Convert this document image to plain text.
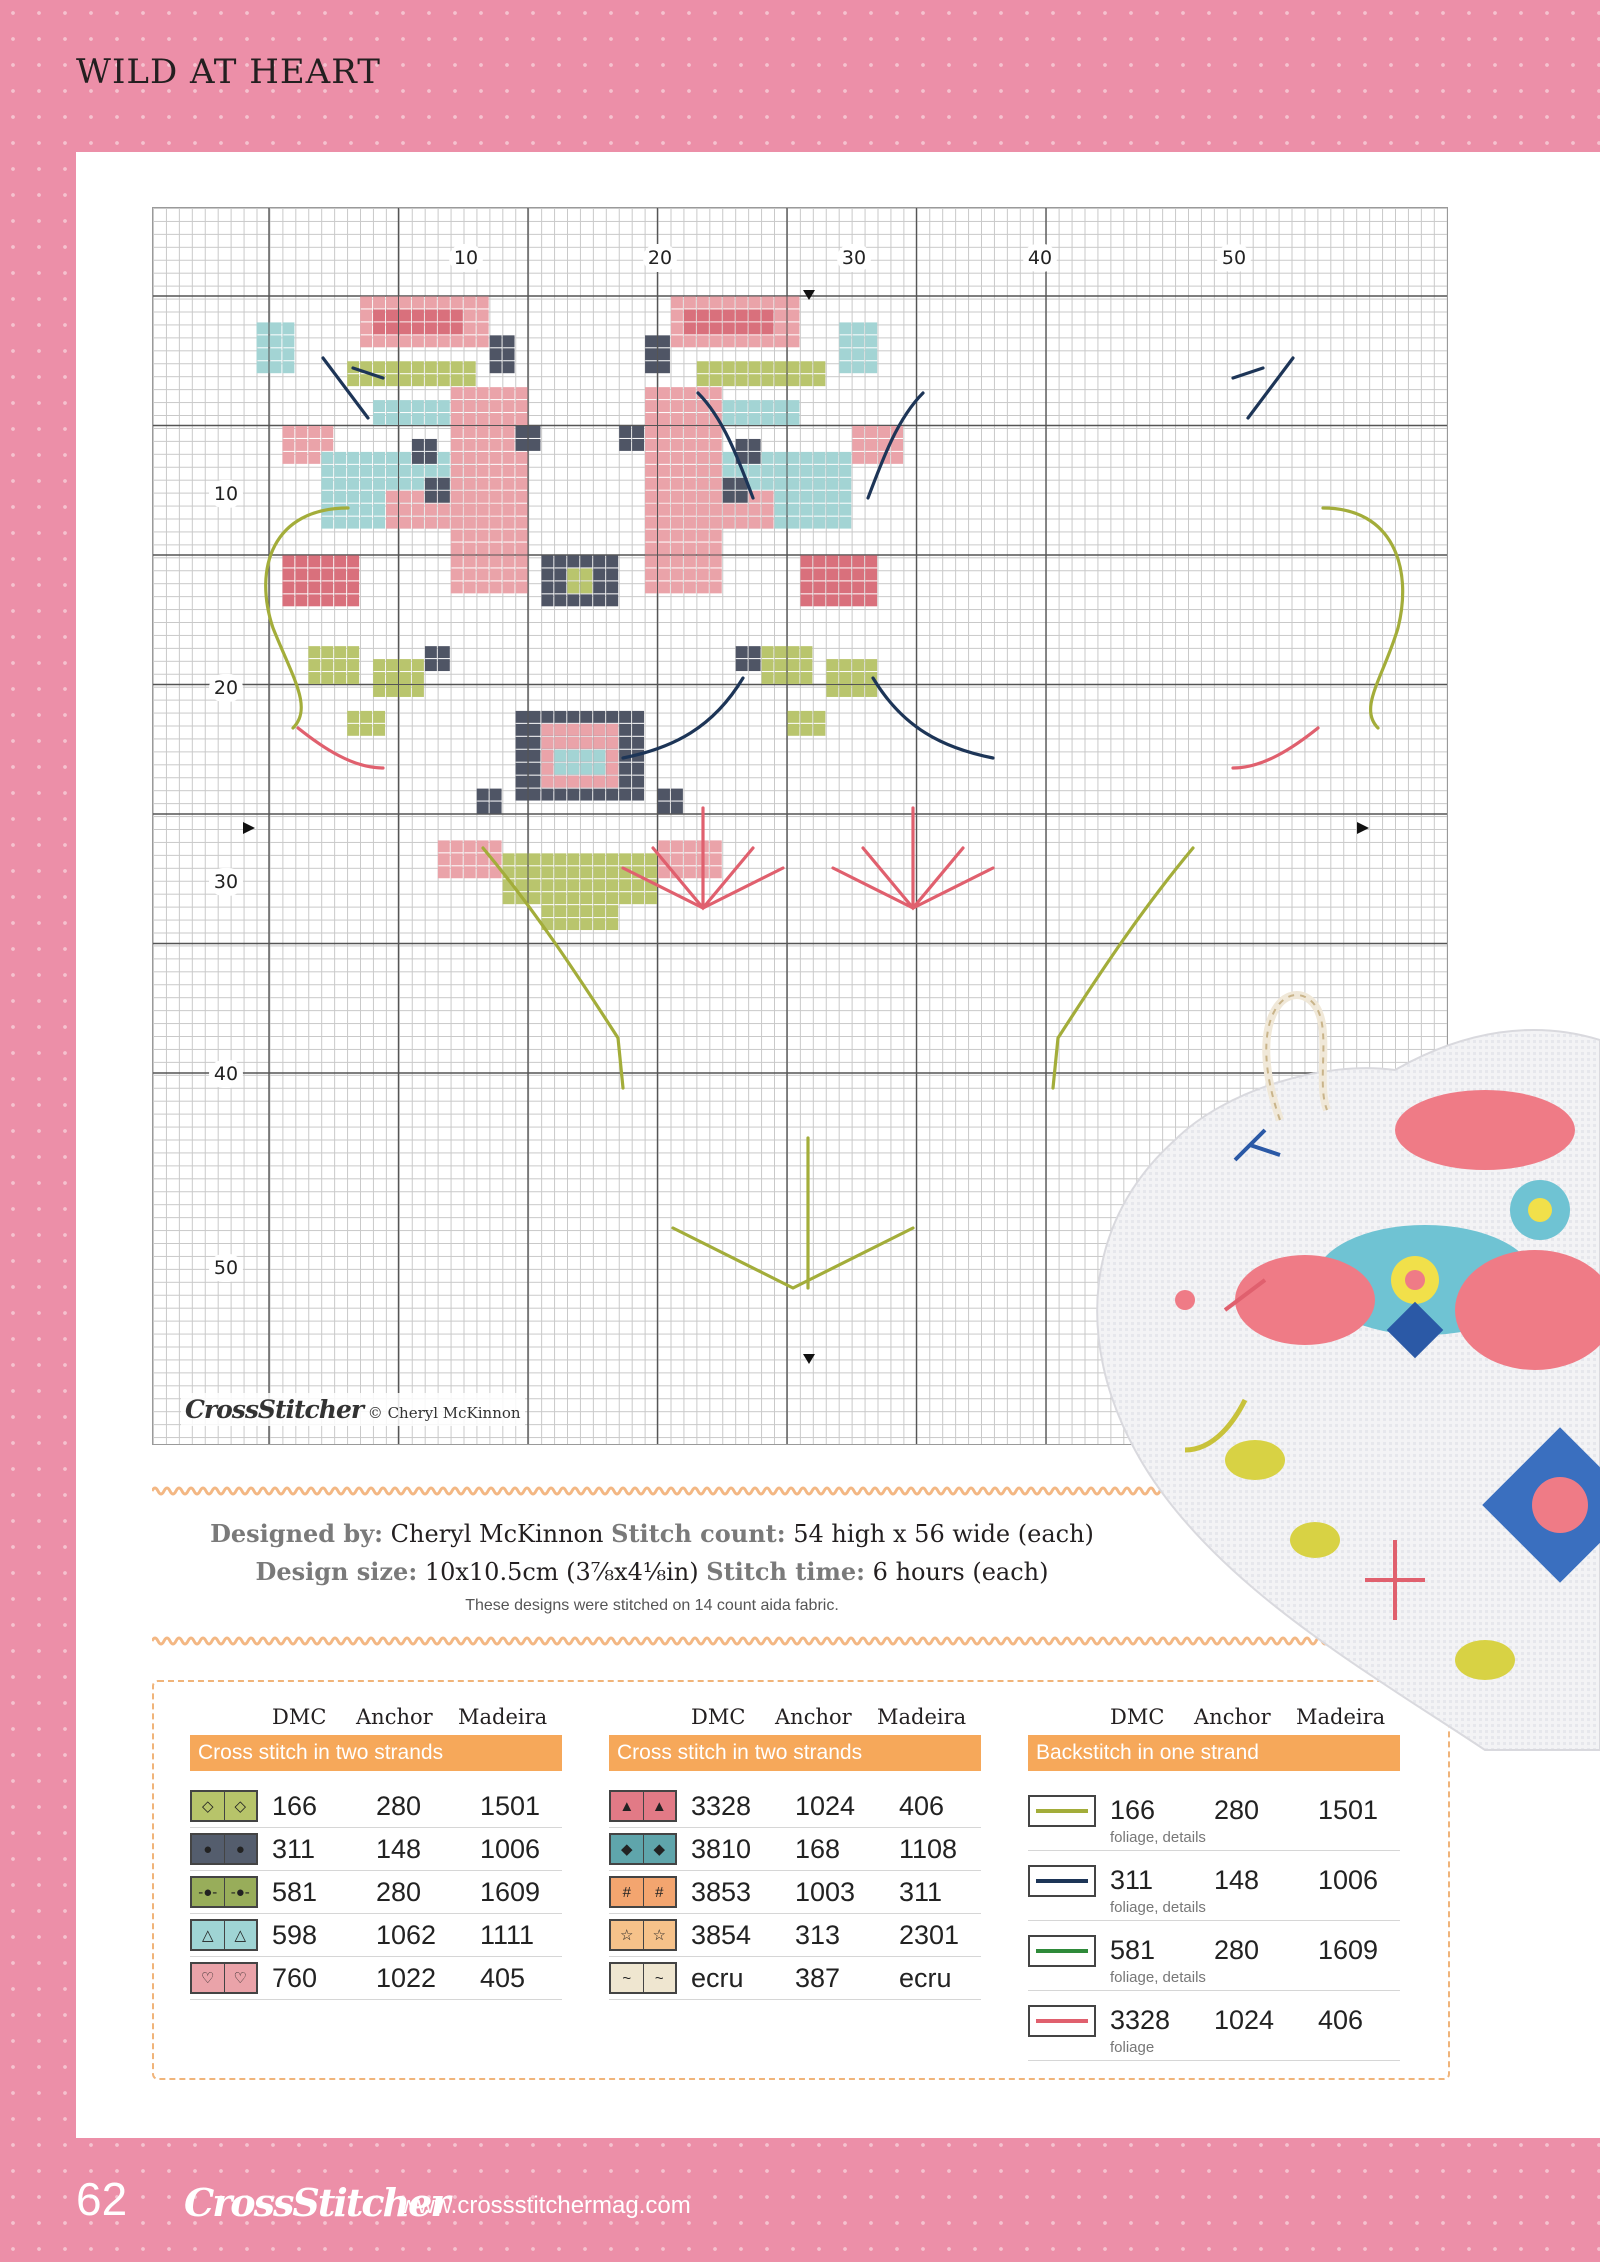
WILD AT HEART
10	20	30	40	50
10
20
30
40
50
CrossStitcher © Cheryl McKinnon
Designed by: Cheryl McKinnon Stitch count: 54 high x 56 wide (each)
Design size: 10x10.5cm (3⅞x4⅛in) Stitch time: 6 hours (each)
These designs were stitched on 14 count aida fabric.
DMC	Anchor	Madeira
Cross stitch in two strands
◇	◇ 166	280	1501
●	●	311	148	1006
-●- -●- 581	280	1609
△	△ 598	1062	1111
♡	♡ 760	1022	405
DMC	Anchor	Madeira
Cross stitch in two strands
▲	▲ 3328	1024	406
◆	◆ 3810	168	1108
#	#	3853	1003	311
☆	☆ 3854	313	2301
~	~	ecru	387	ecru
DMC	Anchor	Madeira
Backstitch in one strand
166 280 1501
foliage, details
311 148 1006
foliage, details
581 280 1609
foliage, details
3328 1024 406
foliage
62 CrossStitcher
www.crossstitchermag.com
